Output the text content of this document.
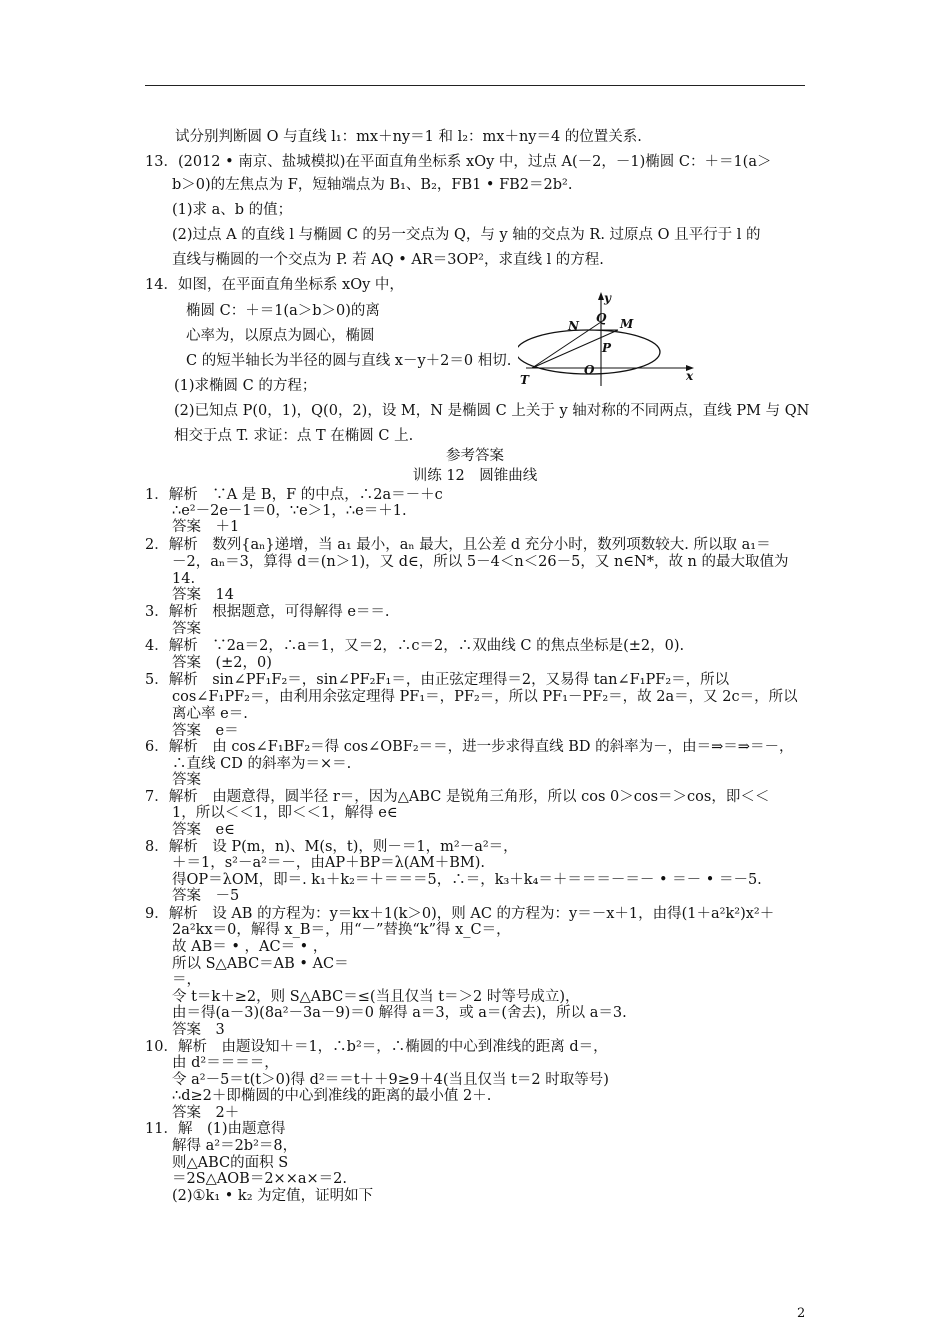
试分别判断圆 O 与直线 l₁：mx＋ny＝1 和 l₂：mx＋ny＝4 的位置关系.
13．(2012 • 南京、盐城模拟)在平面直角坐标系 xOy 中，过点 A(－2，－1)椭圆 C：＋＝1(a＞
b＞0)的左焦点为 F，短轴端点为 B₁、B₂，FB1 • FB2＝2b².
(1)求 a、b 的值；
(2)过点 A 的直线 l 与椭圆 C 的另一交点为 Q，与 y 轴的交点为 R. 过原点 O 且平行于 l 的
直线与椭圆的一个交点为 P. 若 AQ • AR＝3OP²，求直线 l 的方程.
14．如图，在平面直角坐标系 xOy 中，
椭圆 C：＋＝1(a＞b＞0)的离
心率为，以原点为圆心，椭圆
C 的短半轴长为半径的圆与直线 x－y＋2＝0 相切.
(1)求椭圆 C 的方程；
(2)已知点 P(0，1)，Q(0，2)，设 M，N 是椭圆 C 上关于 y 轴对称的不同两点，直线 PM 与 QN
相交于点 T. 求证：点 T 在椭圆 C 上.
y
x
Q M
N
P
O
T
参考答案
训练 12　圆锥曲线
1．解析　∵A 是 B，F 的中点，∴2a＝－＋c
∴e²－2e－1＝0，∵e＞1，∴e＝＋1.
答案　＋1
2．解析　数列{aₙ}递增，当 a₁ 最小，aₙ 最大，且公差 d 充分小时，数列项数较大. 所以取 a₁＝
－2，aₙ＝3，算得 d＝(n＞1)，又 d∈，所以 5－4＜n＜26－5，又 n∈N*，故 n 的最大取值为
14.
答案　14
3．解析　根据题意，可得解得 e＝＝.
答案
4．解析　∵2a＝2，∴a＝1，又＝2，∴c＝2，∴双曲线 C 的焦点坐标是(±2，0).
答案　(±2，0)
5．解析　sin∠PF₁F₂＝，sin∠PF₂F₁＝，由正弦定理得＝2，又易得 tan∠F₁PF₂＝，所以
cos∠F₁PF₂＝，由利用余弦定理得 PF₁＝，PF₂＝，所以 PF₁－PF₂＝，故 2a＝，又 2c＝，所以
离心率 e＝.
答案　e＝
6．解析　由 cos∠F₁BF₂＝得 cos∠OBF₂＝＝，进一步求得直线 BD 的斜率为－，由＝⇒＝⇒＝－，
∴直线 CD 的斜率为＝×＝.
答案
7．解析　由题意得，圆半径 r＝，因为△ABC 是锐角三角形，所以 cos 0＞cos＝＞cos，即＜＜
1，所以＜＜1，即＜＜1，解得 e∈
答案　e∈
8．解析　设 P(m，n)、M(s，t)，则－＝1，m²－a²＝，
＋＝1，s²－a²＝－，由AP＋BP＝λ(AM＋BM).
得OP＝λOM，即＝. k₁＋k₂＝＋＝＝＝5，∴＝，k₃＋k₄＝＋＝＝＝－＝－ • ＝－ • ＝－5.
答案　－5
9．解析　设 AB 的方程为：y＝kx＋1(k＞0)，则 AC 的方程为：y＝－x＋1，由得(1＋a²k²)x²＋
2a²kx＝0，解得 x_B＝，用“－”替换“k”得 x_C＝，
故 AB＝ • ，AC＝ • ，
所以 S△ABC＝AB • AC＝
＝，
令 t＝k＋≥2，则 S△ABC＝≤(当且仅当 t＝＞2 时等号成立)，
由＝得(a－3)(8a²－3a－9)＝0 解得 a＝3，或 a＝(舍去)，所以 a＝3.
答案　3
10．解析　由题设知＋＝1，∴b²＝，∴椭圆的中心到准线的距离 d＝，
由 d²＝＝＝＝，
令 a²－5＝t(t＞0)得 d²＝＝t＋＋9≥9＋4(当且仅当 t＝2 时取等号)
∴d≥2＋即椭圆的中心到准线的距离的最小值 2＋.
答案　2＋
11．解　(1)由题意得
解得 a²＝2b²＝8，
则△ABC的面积 S
＝2S△AOB＝2××a×＝2.
(2)①k₁ • k₂ 为定值，证明如下
2
